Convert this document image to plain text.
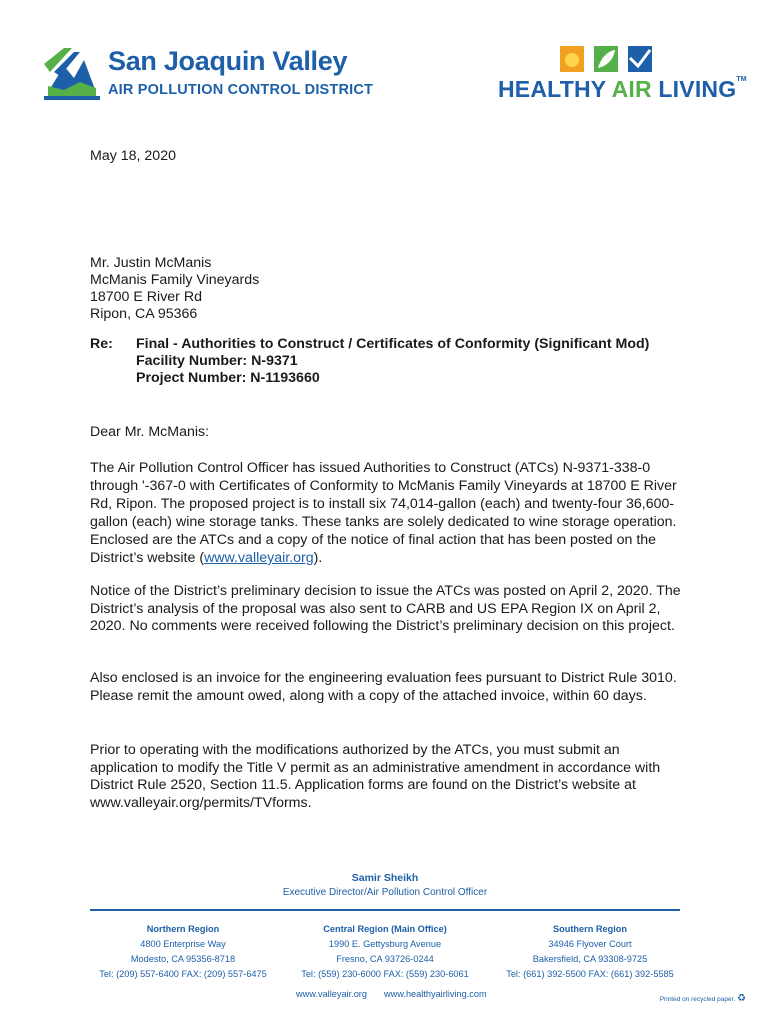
San Joaquin Valley
AIR POLLUTION CONTROL DISTRICT	HEALTHY AIR LIVING™
May 18, 2020
Mr. Justin McManis
McManis Family Vineyards
18700 E River Rd
Ripon, CA 95366
Re: Final - Authorities to Construct / Certificates of Conformity (Significant Mod)
Facility Number: N-9371
Project Number: N-1193660
Dear Mr. McManis:
The Air Pollution Control Officer has issued Authorities to Construct (ATCs) N-9371-338-0 through '-367-0 with Certificates of Conformity to McManis Family Vineyards at 18700 E River Rd, Ripon. The proposed project is to install six 74,014-gallon (each) and twenty-four 36,600-gallon (each) wine storage tanks. These tanks are solely dedicated to wine storage operation. Enclosed are the ATCs and a copy of the notice of final action that has been posted on the District’s website (www.valleyair.org).
Notice of the District’s preliminary decision to issue the ATCs was posted on April 2, 2020. The District’s analysis of the proposal was also sent to CARB and US EPA Region IX on April 2, 2020. No comments were received following the District’s preliminary decision on this project.
Also enclosed is an invoice for the engineering evaluation fees pursuant to District Rule 3010. Please remit the amount owed, along with a copy of the attached invoice, within 60 days.
Prior to operating with the modifications authorized by the ATCs, you must submit an application to modify the Title V permit as an administrative amendment in accordance with District Rule 2520, Section 11.5. Application forms are found on the District’s website at www.valleyair.org/permits/TVforms.
Samir Sheikh
Executive Director/Air Pollution Control Officer
Northern Region
4800 Enterprise Way
Modesto, CA 95356-8718
Tel: (209) 557-6400 FAX: (209) 557-6475
Central Region (Main Office)
1990 E. Gettysburg Avenue
Fresno, CA 93726-0244
Tel: (559) 230-6000 FAX: (559) 230-6061
Southern Region
34946 Flyover Court
Bakersfield, CA 93308-9725
Tel: (661) 392-5500 FAX: (661) 392-5585
www.valleyair.org www.healthyairliving.com
Printed on recycled paper. ♻
